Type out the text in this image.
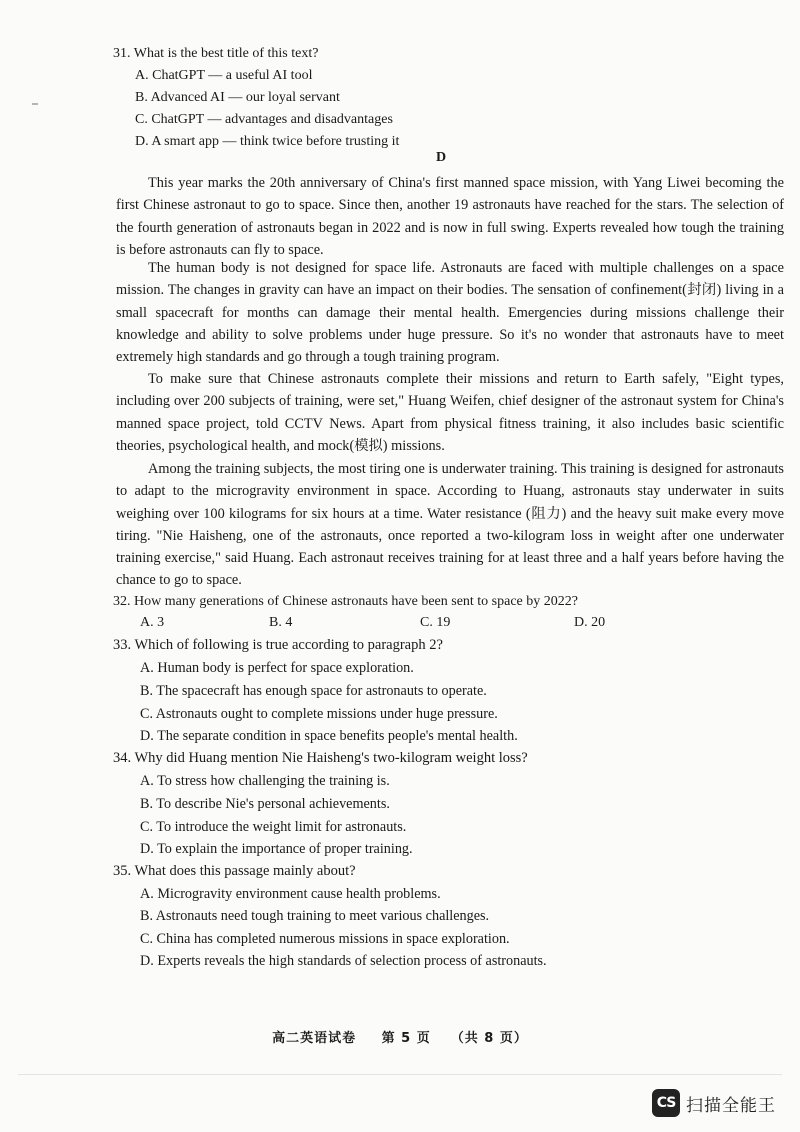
31. What is the best title of this text?
A. ChatGPT — a useful AI tool
B. Advanced AI — our loyal servant
C. ChatGPT — advantages and disadvantages
D. A smart app — think twice before trusting it
D

This year marks the 20th anniversary of China's first manned space mission, with Yang Liwei becoming the first Chinese astronaut to go to space. Since then, another 19 astronauts have reached for the stars. The selection of the fourth generation of astronauts began in 2022 and is now in full swing. Experts revealed how tough the training is before astronauts can fly to space.

The human body is not designed for space life. Astronauts are faced with multiple challenges on a space mission. The changes in gravity can have an impact on their bodies. The sensation of confinement(封闭) living in a small spacecraft for months can damage their mental health. Emergencies during missions challenge their knowledge and ability to solve problems under huge pressure. So it's no wonder that astronauts have to meet extremely high standards and go through a tough training program.

To make sure that Chinese astronauts complete their missions and return to Earth safely, "Eight types, including over 200 subjects of training, were set," Huang Weifen, chief designer of the astronaut system for China's manned space project, told CCTV News. Apart from physical fitness training, it also includes basic scientific theories, psychological health, and mock(模拟) missions.

Among the training subjects, the most tiring one is underwater training. This training is designed for astronauts to adapt to the microgravity environment in space. According to Huang, astronauts stay underwater in suits weighing over 100 kilograms for six hours at a time. Water resistance (阻力) and the heavy suit make every move tiring. "Nie Haisheng, one of the astronauts, once reported a two-kilogram loss in weight after one underwater training exercise," said Huang. Each astronaut receives training for at least three and a half years before having the chance to go to space.

32. How many generations of Chinese astronauts have been sent to space by 2022?
A. 3	B. 4	C. 19	D. 20
33. Which of following is true according to paragraph 2?
A. Human body is perfect for space exploration.
B. The spacecraft has enough space for astronauts to operate.
C. Astronauts ought to complete missions under huge pressure.
D. The separate condition in space benefits people's mental health.
34. Why did Huang mention Nie Haisheng's two-kilogram weight loss?
A. To stress how challenging the training is.
B. To describe Nie's personal achievements.
C. To introduce the weight limit for astronauts.
D. To explain the importance of proper training.
35. What does this passage mainly about?
A. Microgravity environment cause health problems.
B. Astronauts need tough training to meet various challenges.
C. China has completed numerous missions in space exploration.
D. Experts reveals the high standards of selection process of astronauts.
高二英语试卷 第 5 页 （共 8 页）
CS 扫描全能王
